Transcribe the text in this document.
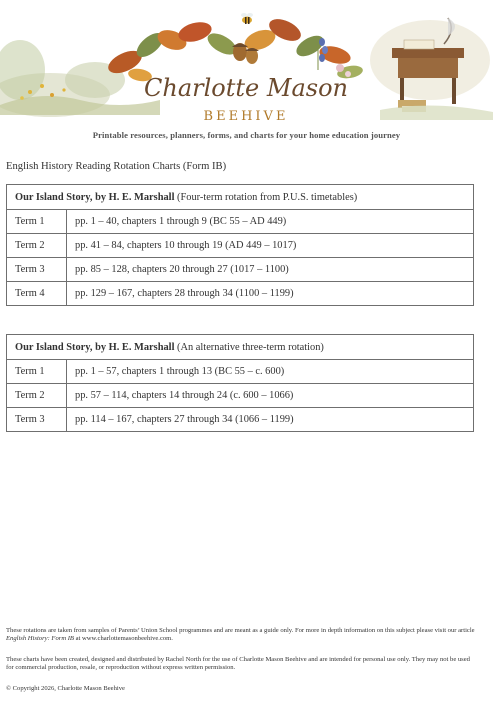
Charlotte Mason
BEEHIVE
Printable resources, planners, forms, and charts for your home education journey
English History Reading Rotation Charts (Form IB)
Our Island Story, by H. E. Marshall (Four-term rotation from P.U.S. timetables)	
Term 1	pp. 1 – 40, chapters 1 through 9 (BC 55 – AD 449)
Term 2	pp. 41 – 84, chapters 10 through 19 (AD 449 – 1017)
Term 3	pp. 85 – 128, chapters 20 through 27 (1017 – 1100)
Term 4	pp. 129 – 167, chapters 28 through 34 (1100 – 1199)
Our Island Story, by H. E. Marshall (An alternative three-term rotation)	
Term 1	pp. 1 – 57, chapters 1 through 13 (BC 55 – c. 600)
Term 2	pp. 57 – 114, chapters 14 through 24 (c. 600 – 1066)
Term 3	pp. 114 – 167, chapters 27 through 34 (1066 – 1199)
These rotations are taken from samples of Parents’ Union School programmes and are meant as a guide only. For more in depth information on this subject please visit our article English History: Form IB at www.charlottemasonbeehive.com.
These charts have been created, designed and distributed by Rachel North for the use of Charlotte Mason Beehive and are intended for personal use only. They may not be used for commercial production, resale, or reproduction without express written permission.
© Copyright 2026, Charlotte Mason Beehive
